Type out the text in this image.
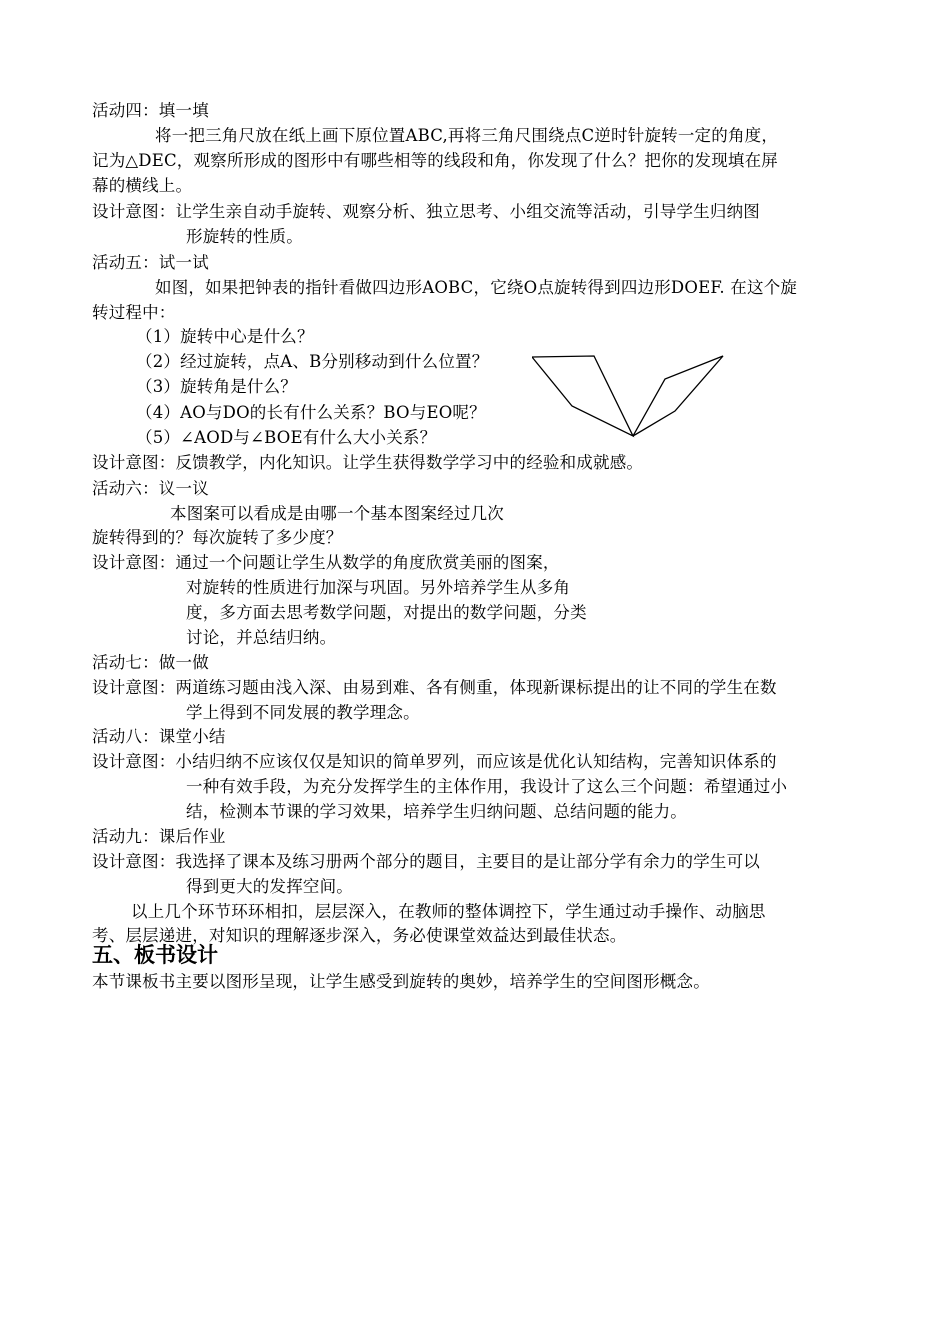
活动四：填一填
将一把三角尺放在纸上画下原位置ABC,再将三角尺围绕点C逆时针旋转一定的角度，
记为△DEC，观察所形成的图形中有哪些相等的线段和角，你发现了什么？把你的发现填在屏
幕的横线上。
设计意图：让学生亲自动手旋转、观察分析、独立思考、小组交流等活动，引导学生归纳图
形旋转的性质。
活动五：试一试
如图，如果把钟表的指针看做四边形AOBC，它绕O点旋转得到四边形DOEF. 在这个旋
转过程中：
（1）旋转中心是什么？
（2）经过旋转，点A、B分别移动到什么位置？
（3）旋转角是什么？
（4）AO与DO的长有什么关系？BO与EO呢？
（5）∠AOD与∠BOE有什么大小关系？
设计意图：反馈教学，内化知识。让学生获得数学学习中的经验和成就感。
活动六：议一议
本图案可以看成是由哪一个基本图案经过几次
旋转得到的？每次旋转了多少度？
设计意图：通过一个问题让学生从数学的角度欣赏美丽的图案，
对旋转的性质进行加深与巩固。另外培养学生从多角
度，多方面去思考数学问题，对提出的数学问题，分类
讨论，并总结归纳。
活动七：做一做
设计意图：两道练习题由浅入深、由易到难、各有侧重，体现新课标提出的让不同的学生在数
学上得到不同发展的教学理念。
活动八：课堂小结
设计意图：小结归纳不应该仅仅是知识的简单罗列，而应该是优化认知结构，完善知识体系的
一种有效手段，为充分发挥学生的主体作用，我设计了这么三个问题：希望通过小
结，检测本节课的学习效果，培养学生归纳问题、总结问题的能力。
活动九：课后作业
设计意图：我选择了课本及练习册两个部分的题目，主要目的是让部分学有余力的学生可以
得到更大的发挥空间。
以上几个环节环环相扣，层层深入，在教师的整体调控下，学生通过动手操作、动脑思
考、层层递进，对知识的理解逐步深入，务必使课堂效益达到最佳状态。
五、板书设计
本节课板书主要以图形呈现，让学生感受到旋转的奥妙，培养学生的空间图形概念。
